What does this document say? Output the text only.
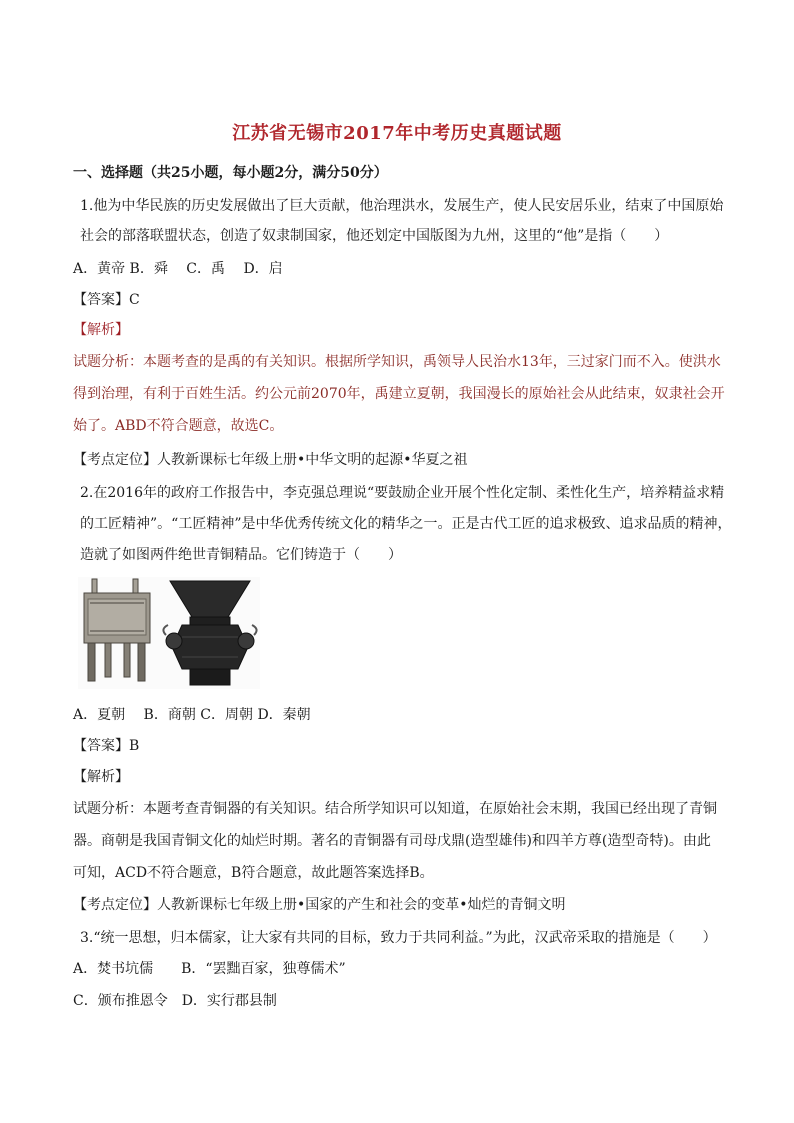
江苏省无锡市2017年中考历史真题试题
一、选择题（共25小题，每小题2分，满分50分）
1.他为中华民族的历史发展做出了巨大贡献，他治理洪水，发展生产，使人民安居乐业，结束了中国原始
社会的部落联盟状态，创造了奴隶制国家，他还划定中国版图为九州，这里的“他”是指（　　）
A．黄帝 B．舜　 C．禹　 D．启
【答案】C
【解析】
试题分析：本题考查的是禹的有关知识。根据所学知识，禹领导人民治水13年，三过家门而不入。使洪水
得到治理，有利于百姓生活。约公元前2070年，禹建立夏朝，我国漫长的原始社会从此结束，奴隶社会开
始了。ABD不符合题意，故选C。
【考点定位】人教新课标七年级上册•中华文明的起源•华夏之祖
2.在2016年的政府工作报告中，李克强总理说“要鼓励企业开展个性化定制、柔性化生产，培养精益求精
的工匠精神”。“工匠精神”是中华优秀传统文化的精华之一。正是古代工匠的追求极致、追求品质的精神，
造就了如图两件绝世青铜精品。它们铸造于（　　）
A．夏朝　 B．商朝 C．周朝 D．秦朝
【答案】B
【解析】
试题分析：本题考查青铜器的有关知识。结合所学知识可以知道，在原始社会末期，我国已经出现了青铜
器。商朝是我国青铜文化的灿烂时期。著名的青铜器有司母戊鼎(造型雄伟)和四羊方尊(造型奇特)。由此
可知，ACD不符合题意，B符合题意，故此题答案选择B。
【考点定位】人教新课标七年级上册•国家的产生和社会的变革•灿烂的青铜文明
3.“统一思想，归本儒家，让大家有共同的目标，致力于共同利益。”为此，汉武帝采取的措施是（　　）
A．焚书坑儒　　B．“罢黜百家，独尊儒术”
C．颁布推恩令　D．实行郡县制
